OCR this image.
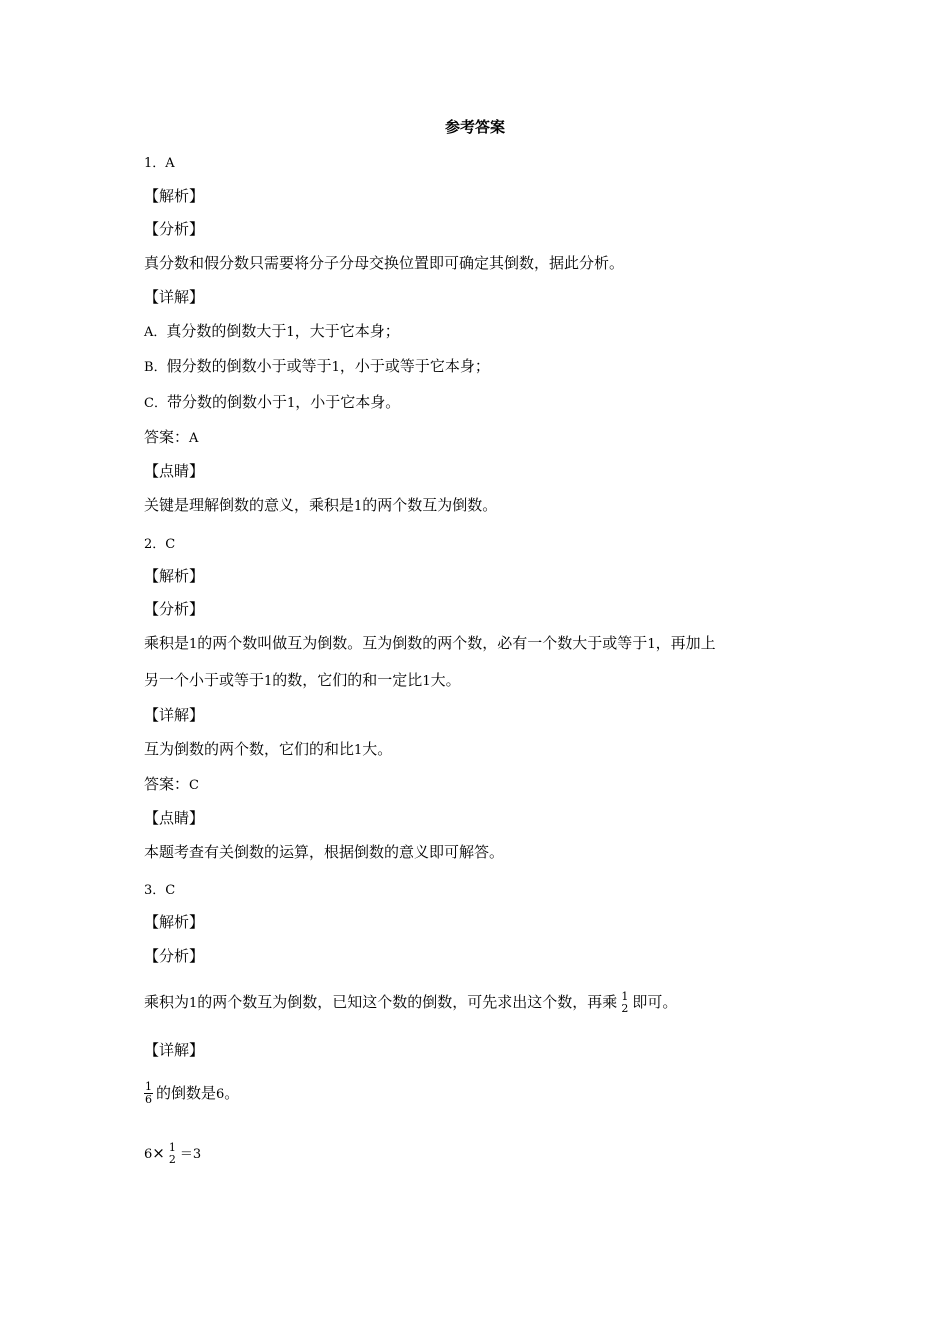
参考答案
1．A
【解析】
【分析】
真分数和假分数只需要将分子分母交换位置即可确定其倒数，据此分析。
【详解】
A．真分数的倒数大于1，大于它本身；
B．假分数的倒数小于或等于1，小于或等于它本身；
C．带分数的倒数小于1，小于它本身。
答案：A
【点睛】
关键是理解倒数的意义，乘积是1的两个数互为倒数。
2．C
【解析】
【分析】
乘积是1的两个数叫做互为倒数。互为倒数的两个数，必有一个数大于或等于1，再加上
另一个小于或等于1的数，它们的和一定比1大。
【详解】
互为倒数的两个数，它们的和比1大。
答案：C
【点睛】
本题考查有关倒数的运算，根据倒数的意义即可解答。
3．C
【解析】
【分析】
乘积为1的两个数互为倒数，已知这个数的倒数，可先求出这个数，再乘 1
2 即可。
【详解】
$\frac{1}{6}$ 的倒数是6。
6× 1
2 ＝3
